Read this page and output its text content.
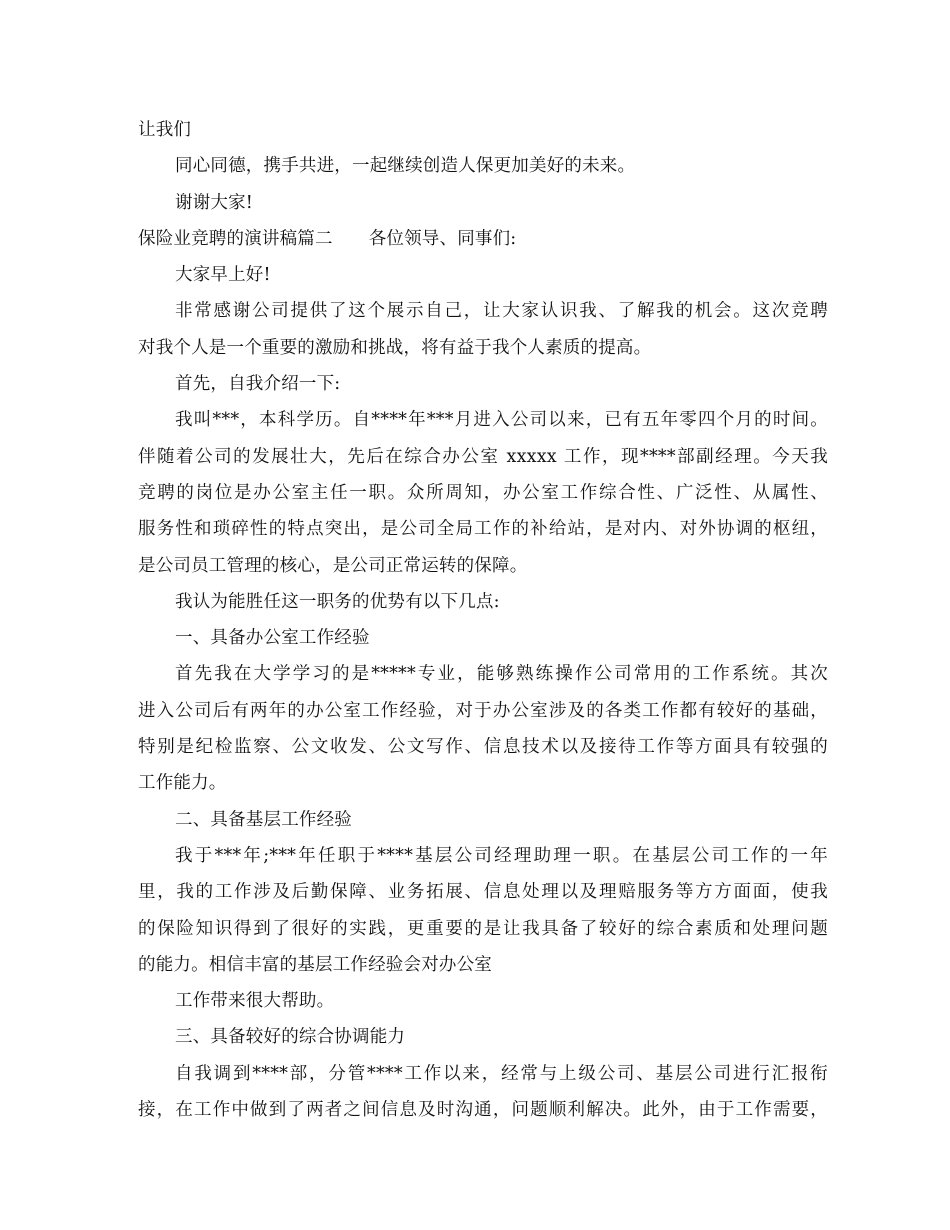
让我们
同心同德，携手共进，一起继续创造人保更加美好的未来。
谢谢大家!
保险业竞聘的演讲稿篇二 各位领导、同事们:
大家早上好!
非常感谢公司提供了这个展示自己，让大家认识我、了解我的机会。这次竞聘
对我个人是一个重要的激励和挑战，将有益于我个人素质的提高。
首先，自我介绍一下:
我叫***，本科学历。自****年***月进入公司以来，已有五年零四个月的时间。
伴随着公司的发展壮大，先后在综合办公室 xxxxx 工作，现****部副经理。今天我
竞聘的岗位是办公室主任一职。众所周知，办公室工作综合性、广泛性、从属性、
服务性和琐碎性的特点突出，是公司全局工作的补给站，是对内、对外协调的枢纽，
是公司员工管理的核心，是公司正常运转的保障。
我认为能胜任这一职务的优势有以下几点:
一、具备办公室工作经验
首先我在大学学习的是*****专业，能够熟练操作公司常用的工作系统。其次
进入公司后有两年的办公室工作经验，对于办公室涉及的各类工作都有较好的基础，
特别是纪检监察、公文收发、公文写作、信息技术以及接待工作等方面具有较强的
工作能力。
二、具备基层工作经验
我于***年;***年任职于****基层公司经理助理一职。在基层公司工作的一年
里，我的工作涉及后勤保障、业务拓展、信息处理以及理赔服务等方方面面，使我
的保险知识得到了很好的实践，更重要的是让我具备了较好的综合素质和处理问题
的能力。相信丰富的基层工作经验会对办公室
工作带来很大帮助。
三、具备较好的综合协调能力
自我调到****部，分管****工作以来，经常与上级公司、基层公司进行汇报衔
接，在工作中做到了两者之间信息及时沟通，问题顺利解决。此外，由于工作需要，
